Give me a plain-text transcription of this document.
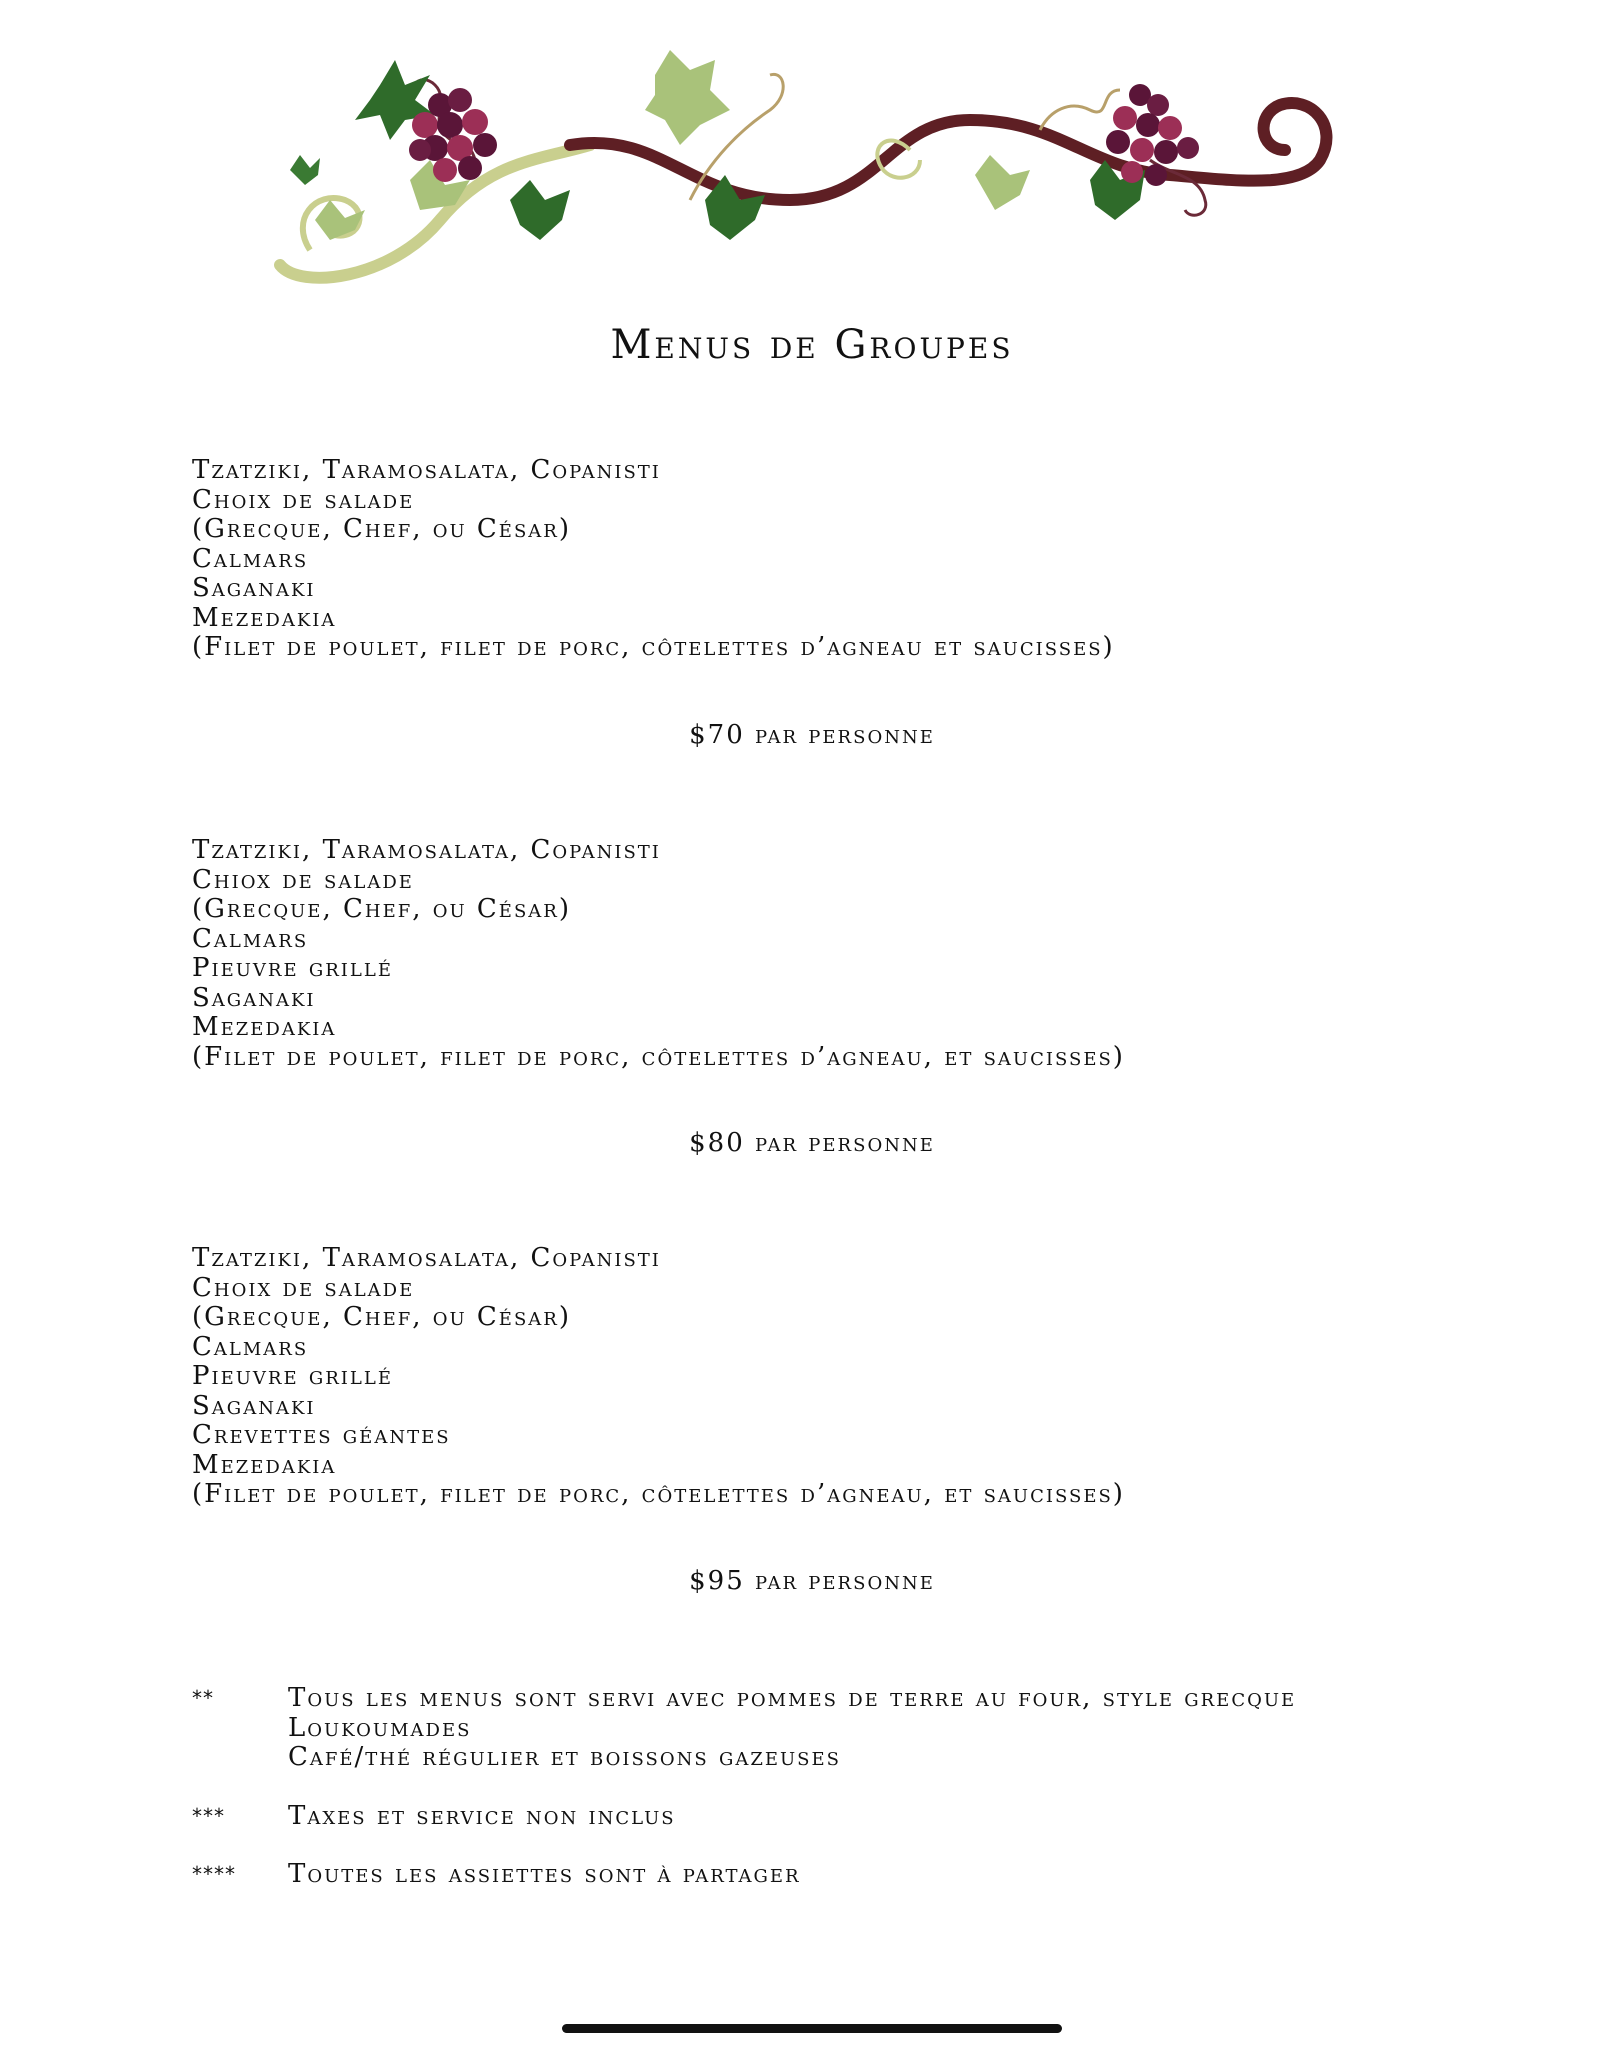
Menus de Groupes
Tzatziki, Taramosalata, Copanisti
Choix de salade
(Grecque, Chef, ou César)
Calmars
Saganaki
Mezedakia
(Filet de poulet, filet de porc, côtelettes d’agneau et saucisses)
$70 par personne
Tzatziki, Taramosalata, Copanisti
Chiox de salade
(Grecque, Chef, ou César)
Calmars
Pieuvre grillé
Saganaki
Mezedakia
(Filet de poulet, filet de porc, côtelettes d’agneau, et saucisses)
$80 par personne
Tzatziki, Taramosalata, Copanisti
Choix de salade
(Grecque, Chef, ou César)
Calmars
Pieuvre grillé
Saganaki
Crevettes géantes
Mezedakia
(Filet de poulet, filet de porc, côtelettes d’agneau, et saucisses)
$95 par personne
**	Tous les menus sont servi avec pommes de terre au four, style grecque
Loukoumades
Café/thé régulier et boissons gazeuses
***	Taxes et service non inclus
****	Toutes les assiettes sont à partager
